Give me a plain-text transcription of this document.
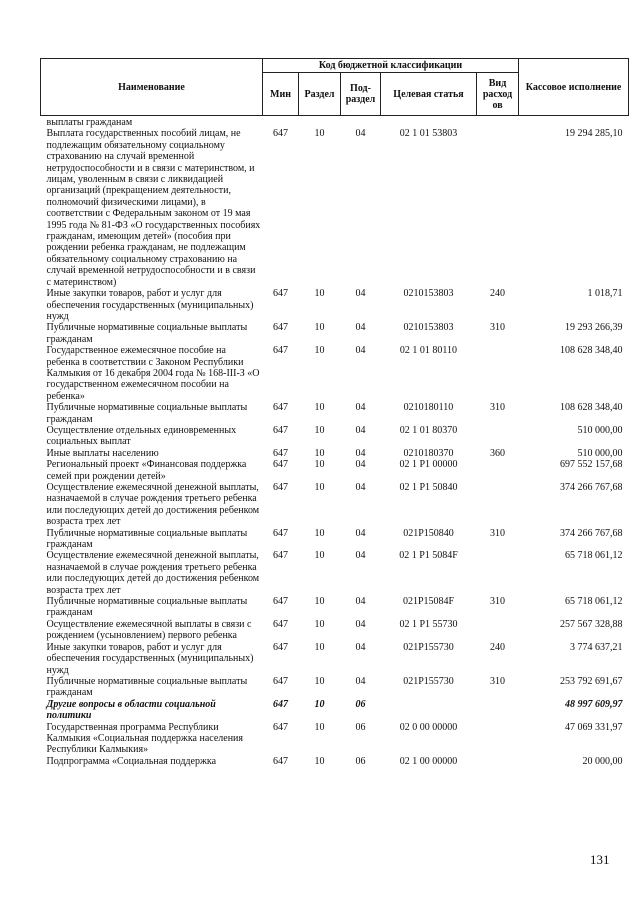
Наименование	Код бюджетной классификации					Кассовое исполнение
	Мин	Раздел	Под-раздел	Целевая статья	Вид расход ов	
выплаты гражданам						
Выплата государственных пособий лицам, не подлежащим обязательному социальному страхованию на случай временной нетрудоспособности и в связи с материнством, и лицам, уволенным в связи с ликвидацией организаций (прекращением деятельности, полномочий физическими лицами), в соответствии с Федеральным законом от 19 мая 1995 года № 81-ФЗ «О государственных пособиях гражданам, имеющим детей» (пособия при рождении ребенка гражданам, не подлежащим обязательному социальному страхованию на случай временной нетрудоспособности и в связи с материнством)	647	10	04	02 1 01 53803		19 294 285,10
Иные закупки товаров, работ и услуг для обеспечения государственных (муниципальных) нужд	647	10	04	0210153803	240	1 018,71
Публичные нормативные социальные выплаты гражданам	647	10	04	0210153803	310	19 293 266,39
Государственное ежемесячное пособие на ребенка в соответствии с Законом Республики Калмыкия от 16 декабря 2004 года № 168-III-З «О государственном ежемесячном пособии на ребенка»	647	10	04	02 1 01 80110		108 628 348,40
Публичные нормативные социальные выплаты гражданам	647	10	04	0210180110	310	108 628 348,40
Осуществление отдельных единовременных социальных выплат	647	10	04	02 1 01 80370		510 000,00
Иные выплаты населению	647	10	04	0210180370	360	510 000,00
Региональный проект «Финансовая поддержка семей при рождении детей»	647	10	04	02 1 P1 00000		697 552 157,68
Осуществление ежемесячной денежной выплаты, назначаемой в случае рождения третьего ребенка или последующих детей до достижения ребенком возраста трех лет	647	10	04	02 1 P1 50840		374 266 767,68
Публичные нормативные социальные выплаты гражданам	647	10	04	021P150840	310	374 266 767,68
Осуществление ежемесячной денежной выплаты, назначаемой в случае рождения третьего ребенка или последующих детей до достижения ребенком возраста трех лет	647	10	04	02 1 P1 5084F		65 718 061,12
Публичные нормативные социальные выплаты гражданам	647	10	04	021P15084F	310	65 718 061,12
Осуществление ежемесячной выплаты в связи с рождением (усыновлением) первого ребенка	647	10	04	02 1 P1 55730		257 567 328,88
Иные закупки товаров, работ и услуг для обеспечения государственных (муниципальных) нужд	647	10	04	021P155730	240	3 774 637,21
Публичные нормативные социальные выплаты гражданам	647	10	04	021P155730	310	253 792 691,67
Другие вопросы в области социальной политики	647	10	06			48 997 609,97
Государственная программа Республики Калмыкия «Социальная поддержка населения Республики Калмыкия»	647	10	06	02 0 00 00000		47 069 331,97
Подпрограмма «Социальная поддержка	647	10	06	02 1 00 00000		20 000,00
131
